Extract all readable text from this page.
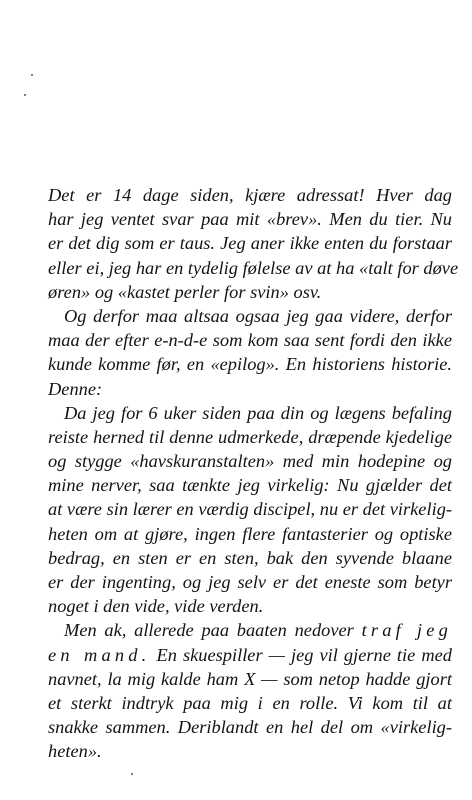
Det er 14 dage siden, kjære adressat! Hver dag
har jeg ventet svar paa mit «brev». Men du tier. Nu
er det dig som er taus. Jeg aner ikke enten du forstaar
eller ei, jeg har en tydelig følelse av at ha «talt for døve
øren» og «kastet perler for svin» osv.
Og derfor maa altsaa ogsaa jeg gaa videre, derfor
maa der efter e-n-d-e som kom saa sent fordi den ikke
kunde komme før, en «epilog». En historiens historie.
Denne:
Da jeg for 6 uker siden paa din og lægens befaling
reiste herned til denne udmerkede, dræpende kjedelige
og stygge «havskuranstalten» med min hodepine og
mine nerver, saa tænkte jeg virkelig: Nu gjælder det
at være sin lærer en værdig discipel, nu er det virkelig-
heten om at gjøre, ingen flere fantasterier og optiske
bedrag, en sten er en sten, bak den syvende blaane
er der ingenting, og jeg selv er det eneste som betyr
noget i den vide, vide verden.
Men ak, allerede paa baaten nedover traf jeg
en mand. En skuespiller — jeg vil gjerne tie med
navnet, la mig kalde ham X — som netop hadde gjort
et sterkt indtryk paa mig i en rolle. Vi kom til at
snakke sammen. Deriblandt en hel del om «virkelig-
heten».
